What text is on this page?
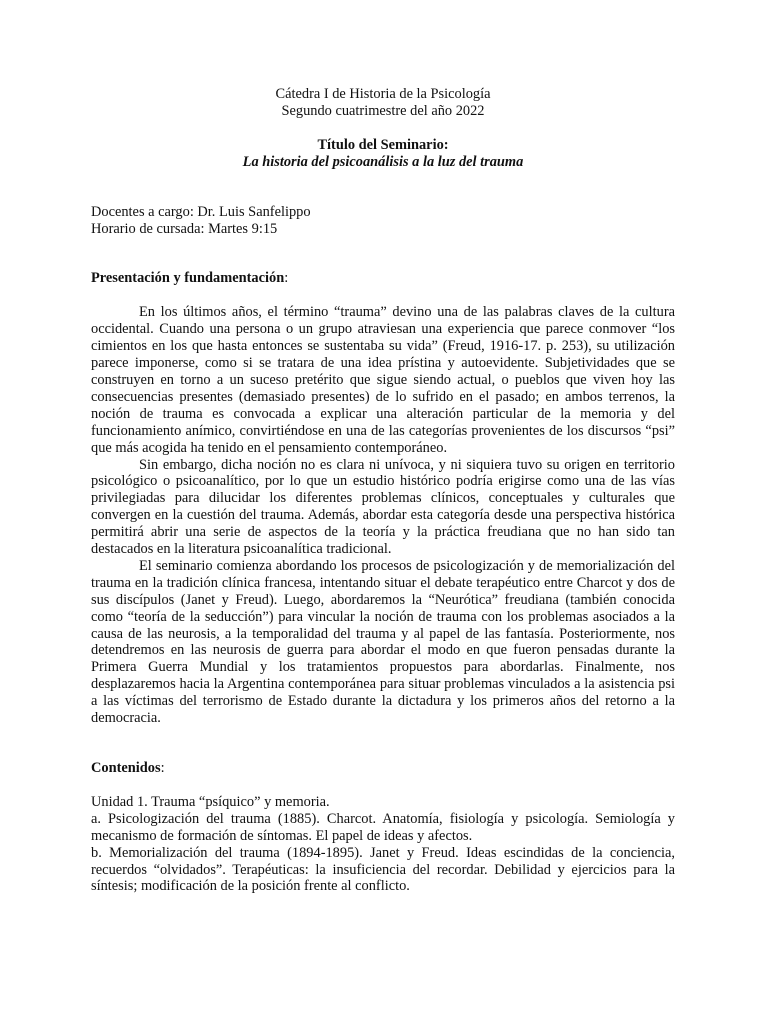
Cátedra I de Historia de la Psicología

Segundo cuatrimestre del año 2022

Título del Seminario:

La historia del psicoanálisis a la luz del trauma

Docentes a cargo: Dr. Luis Sanfelippo

Horario de cursada: Martes 9:15

Presentación y fundamentación:

En los últimos años, el término “trauma” devino una de las palabras claves de la cultura occidental. Cuando una persona o un grupo atraviesan una experiencia que parece conmover “los cimientos en los que hasta entonces se sustentaba su vida” (Freud, 1916-17. p. 253), su utilización parece imponerse, como si se tratara de una idea prístina y autoevidente. Subjetividades que se construyen en torno a un suceso pretérito que sigue siendo actual, o pueblos que viven hoy las consecuencias presentes (demasiado presentes) de lo sufrido en el pasado; en ambos terrenos, la noción de trauma es convocada a explicar una alteración particular de la memoria y del funcionamiento anímico, convirtiéndose en una de las categorías provenientes de los discursos “psi” que más acogida ha tenido en el pensamiento contemporáneo.

Sin embargo, dicha noción no es clara ni unívoca, y ni siquiera tuvo su origen en territorio psicológico o psicoanalítico, por lo que un estudio histórico podría erigirse como una de las vías privilegiadas para dilucidar los diferentes problemas clínicos, conceptuales y culturales que convergen en la cuestión del trauma. Además, abordar esta categoría desde una perspectiva histórica permitirá abrir una serie de aspectos de la teoría y la práctica freudiana que no han sido tan destacados en la literatura psicoanalítica tradicional.

El seminario comienza abordando los procesos de psicologización y de memorialización del trauma en la tradición clínica francesa, intentando situar el debate terapéutico entre Charcot y dos de sus discípulos (Janet y Freud). Luego, abordaremos la “Neurótica” freudiana (también conocida como “teoría de la seducción”) para vincular la noción de trauma con los problemas asociados a la causa de las neurosis, a la temporalidad del trauma y al papel de las fantasía. Posteriormente, nos detendremos en las neurosis de guerra para abordar el modo en que fueron pensadas durante la Primera Guerra Mundial y los tratamientos propuestos para abordarlas. Finalmente, nos desplazaremos hacia la Argentina contemporánea para situar problemas vinculados a la asistencia psi a las víctimas del terrorismo de Estado durante la dictadura y los primeros años del retorno a la democracia.

Contenidos:

Unidad 1. Trauma “psíquico” y memoria.

a. Psicologización del trauma (1885). Charcot. Anatomía, fisiología y psicología. Semiología y mecanismo de formación de síntomas. El papel de ideas y afectos.

b. Memorialización del trauma (1894-1895). Janet y Freud. Ideas escindidas de la conciencia, recuerdos “olvidados”. Terapéuticas: la insuficiencia del recordar. Debilidad y ejercicios para la síntesis; modificación de la posición frente al conflicto.
